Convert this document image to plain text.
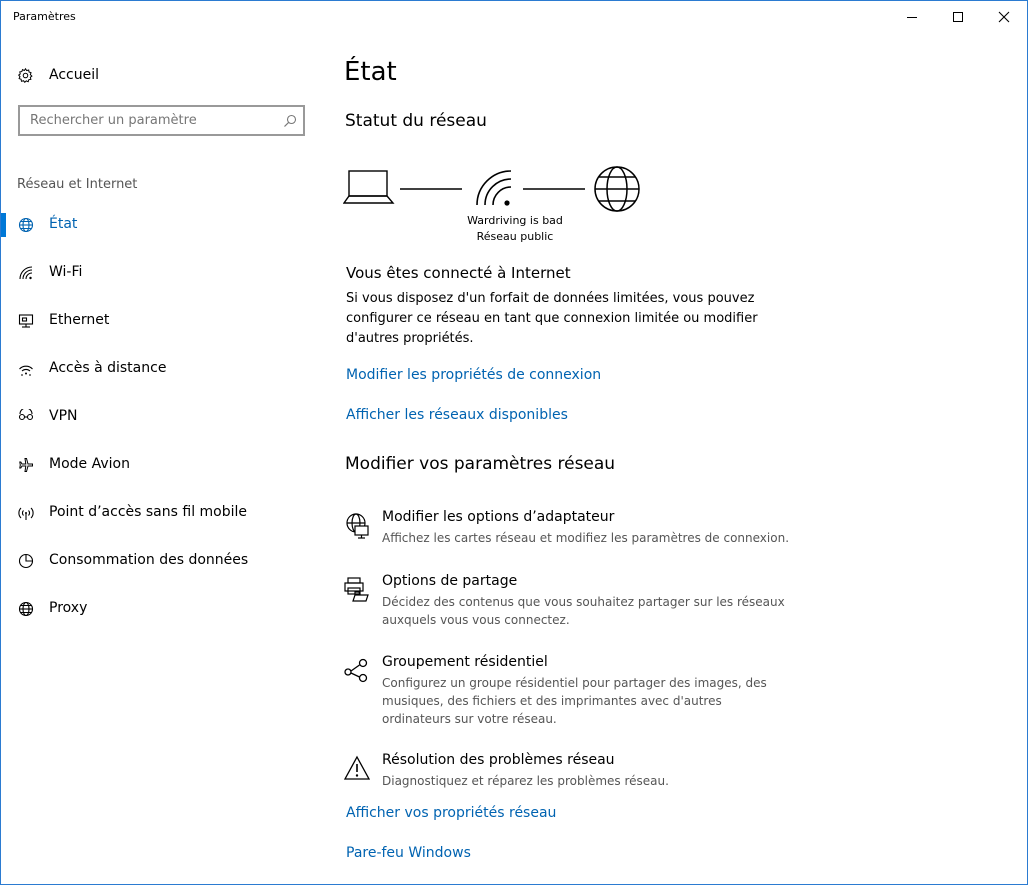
Paramètres
Accueil
Rechercher un paramètre
Réseau et Internet
État
Wi-Fi
Ethernet
Accès à distance
VPN
Mode Avion
Point d’accès sans fil mobile
Consommation des données
Proxy
État
Statut du réseau
Wardriving is bad
Réseau public
Vous êtes connecté à Internet
Si vous disposez d'un forfait de données limitées, vous pouvez configurer ce réseau en tant que connexion limitée ou modifier d'autres propriétés.
Modifier les propriétés de connexion
Afficher les réseaux disponibles
Modifier vos paramètres réseau
Modifier les options d’adaptateur
Affichez les cartes réseau et modifiez les paramètres de connexion.
Options de partage
Décidez des contenus que vous souhaitez partager sur les réseaux auxquels vous vous connectez.
Groupement résidentiel
Configurez un groupe résidentiel pour partager des images, des musiques, des fichiers et des imprimantes avec d'autres ordinateurs sur votre réseau.
Résolution des problèmes réseau
Diagnostiquez et réparez les problèmes réseau.
Afficher vos propriétés réseau
Pare-feu Windows
